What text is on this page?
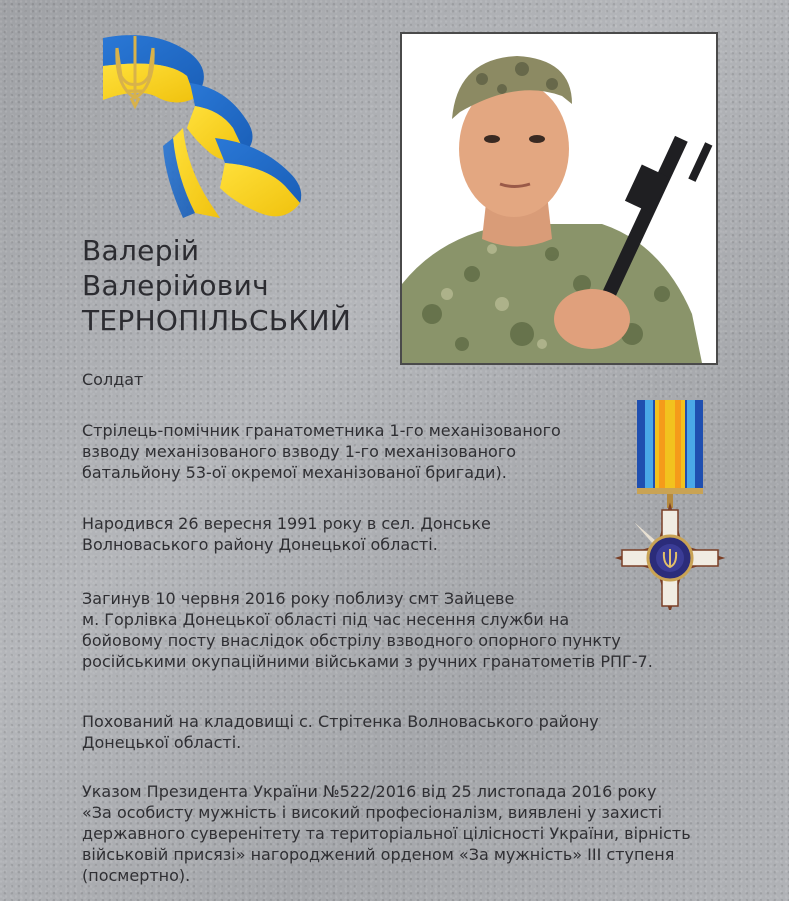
Валерій
Валерійович
ТЕРНОПІЛЬСЬКИЙ
Солдат
Стрілець-помічник гранатометника 1-го механізованого
взводу механізованого взводу 1-го механізованого
батальйону 53-ої окремої механізованої бригади).
Народився 26 вересня 1991 року в сел. Донське
Волноваського району Донецької області.
Загинув 10 червня 2016 року поблизу смт Зайцеве
м. Горлівка Донецької області під час несення служби на
бойовому посту внаслідок обстрілу взводного опорного пункту
російськими окупаційними військами з ручних гранатометів РПГ-7.
Похований на кладовищі с. Стрітенка Волноваського району
Донецької області.
Указом Президента України №522/2016 від 25 листопада 2016 року
«За особисту мужність і високий професіоналізм, виявлені у захисті
державного суверенітету та територіальної цілісності України, вірність
військовій присязі» нагороджений орденом «За мужність» ІІІ ступеня
(посмертно).
